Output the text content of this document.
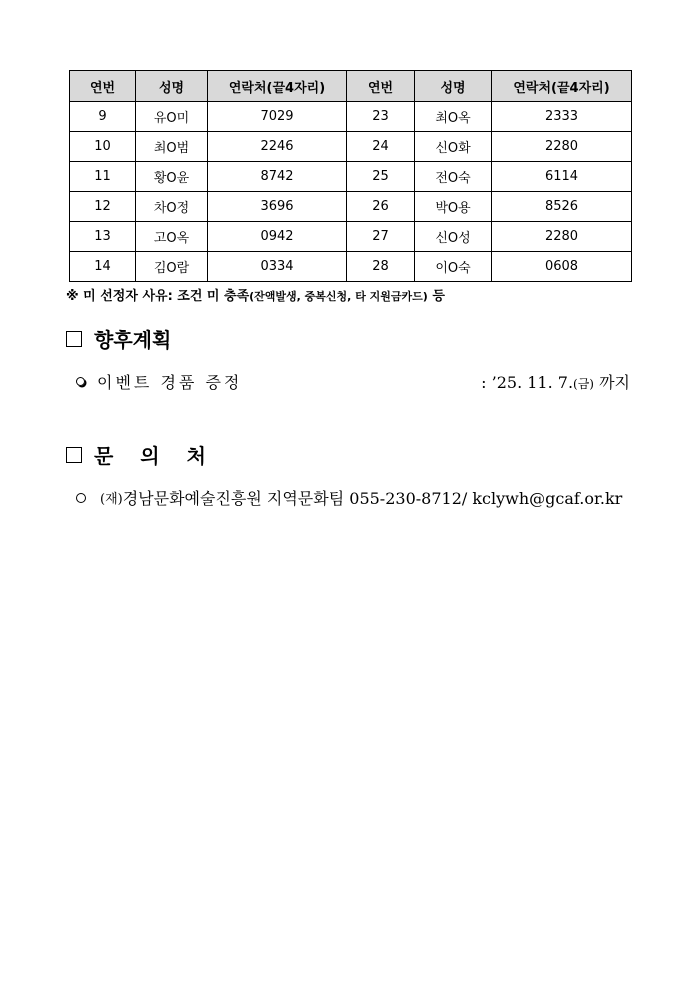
연번	성명	연락처(끝4자리)	연번	성명	연락처(끝4자리)
9	유O미	7029	23	최O옥	2333
10	최O범	2246	24	신O화	2280
11	황O윤	8742	25	전O숙	6114
12	차O정	3696	26	박O용	8526
13	고O옥	0942	27	신O성	2280
14	김O람	0334	28	이O숙	0608
※ 미 선정자 사유: 조건 미 충족(잔액발생, 중복신청, 타 지원금카드) 등
향후계획
이벤트 경품 증정	: ’25. 11. 7.(금) 까지
문 의 처
(재) 경남문화예술진흥원 지역문화팀 055-230-8712/ kclywh@gcaf.or.kr
